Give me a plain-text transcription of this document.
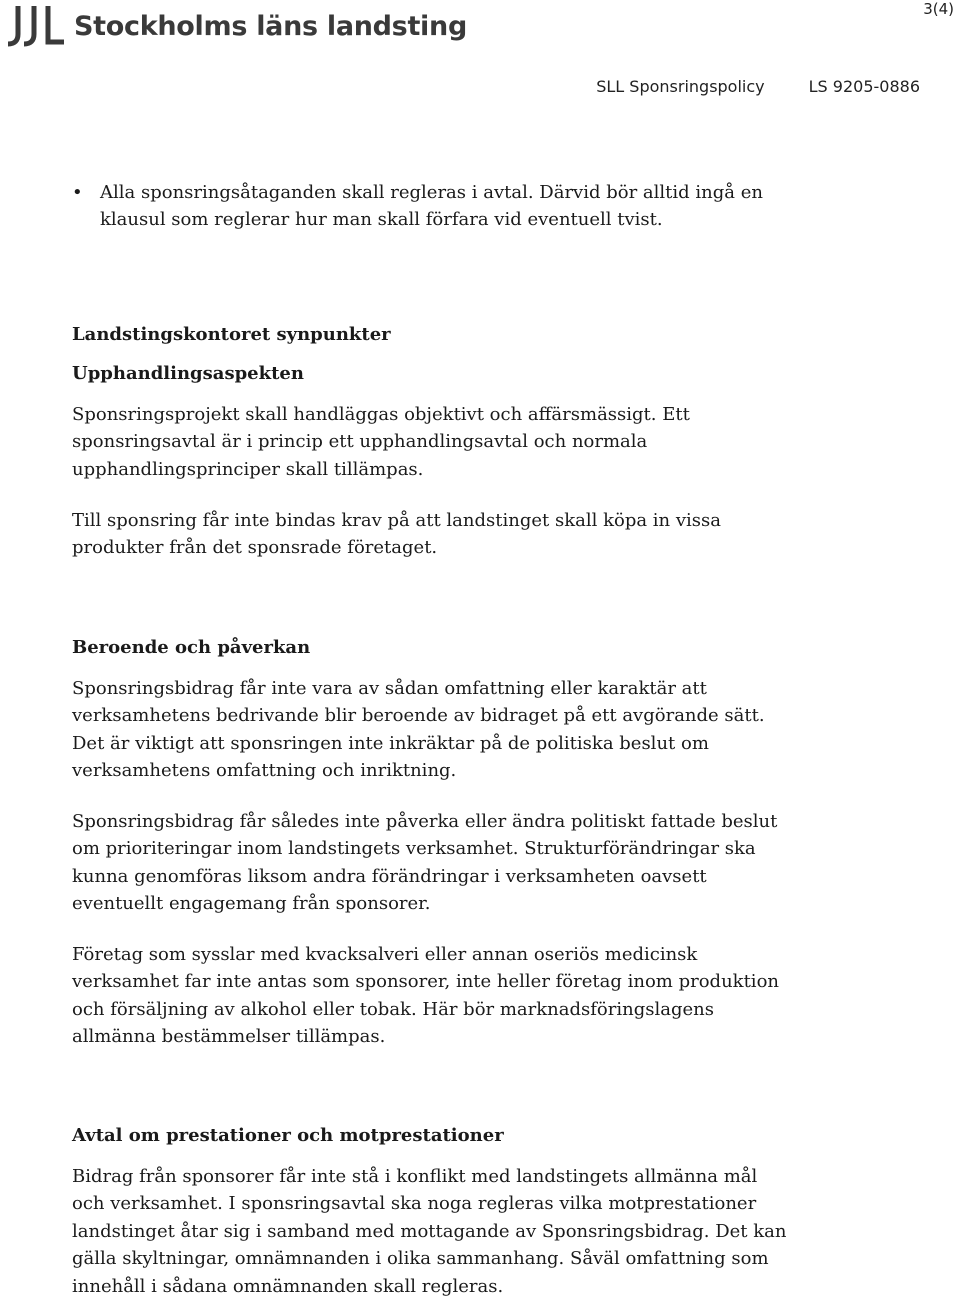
Stockholms läns landsting
3(4)
SLL Sponsringspolicy	LS 9205-0886
• Alla sponsringsåtaganden skall regleras i avtal. Därvid bör alltid ingå en klausul som reglerar hur man skall förfara vid eventuell tvist.
Landstingskontoret synpunkter
Upphandlingsaspekten

Sponsringsprojekt skall handläggas objektivt och affärsmässigt. Ett sponsringsavtal är i princip ett upphandlingsavtal och normala upphandlingsprinciper skall tillämpas.

Till sponsring får inte bindas krav på att landstinget skall köpa in vissa produkter från det sponsrade företaget.

Beroende och påverkan

Sponsringsbidrag får inte vara av sådan omfattning eller karaktär att verksamhetens bedrivande blir beroende av bidraget på ett avgörande sätt. Det är viktigt att sponsringen inte inkräktar på de politiska beslut om verksamhetens omfattning och inriktning.

Sponsringsbidrag får således inte påverka eller ändra politiskt fattade beslut om prioriteringar inom landstingets verksamhet. Strukturförändringar ska kunna genomföras liksom andra förändringar i verksamheten oavsett eventuellt engagemang från sponsorer.

Företag som sysslar med kvacksalveri eller annan oseriös medicinsk verksamhet far inte antas som sponsorer, inte heller företag inom produktion och försäljning av alkohol eller tobak. Här bör marknadsföringslagens allmänna bestämmelser tillämpas.

Avtal om prestationer och motprestationer

Bidrag från sponsorer får inte stå i konflikt med landstingets allmänna mål och verksamhet. I sponsringsavtal ska noga regleras vilka motprestationer landstinget åtar sig i samband med mottagande av Sponsringsbidrag. Det kan gälla skyltningar, omnämnanden i olika sammanhang. Såväl omfattning som innehåll i sådana omnämnanden skall regleras.
